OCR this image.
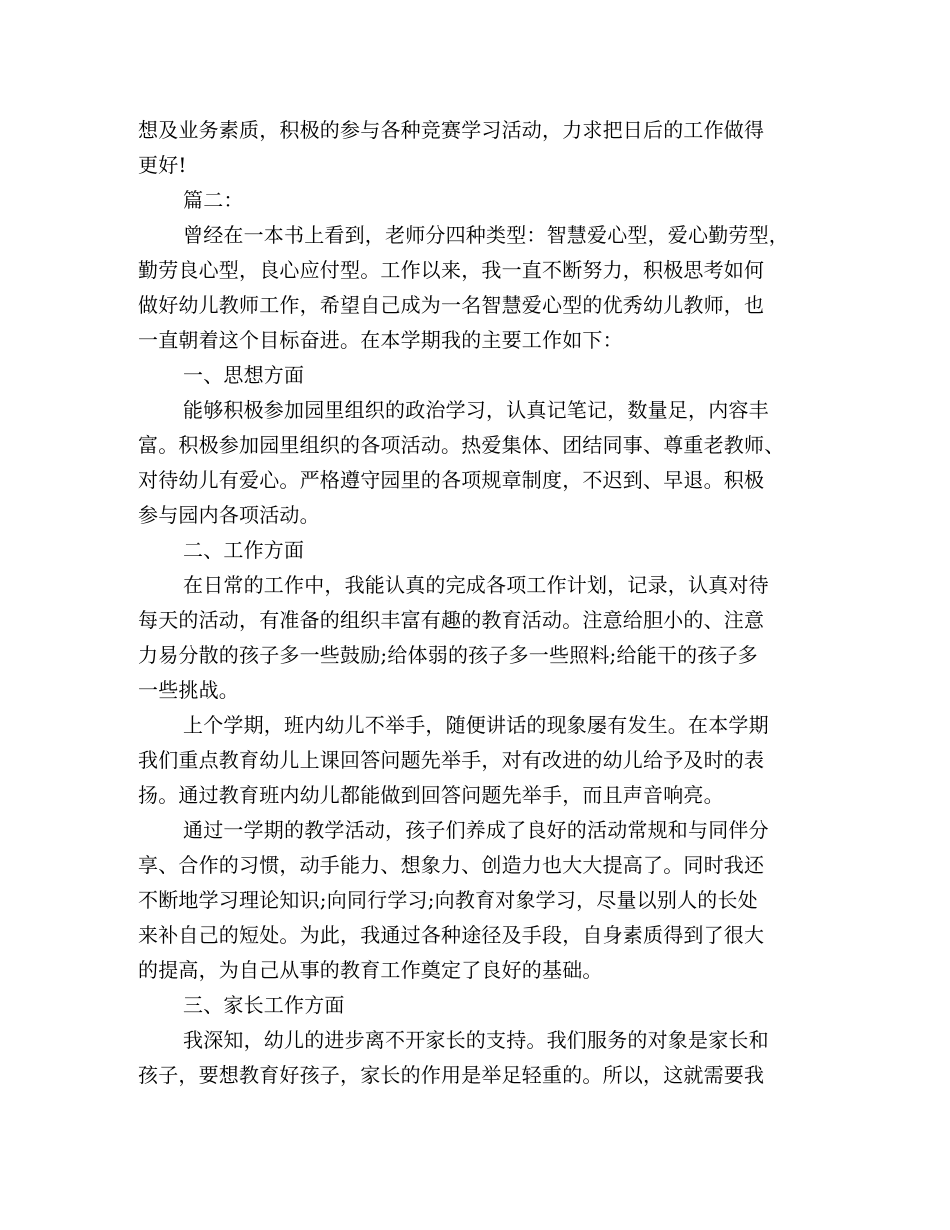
想及业务素质，积极的参与各种竞赛学习活动，力求把日后的工作做得
更好!
篇二：
曾经在一本书上看到，老师分四种类型：智慧爱心型，爱心勤劳型，
勤劳良心型，良心应付型。工作以来，我一直不断努力，积极思考如何
做好幼儿教师工作，希望自己成为一名智慧爱心型的优秀幼儿教师，也
一直朝着这个目标奋进。在本学期我的主要工作如下：
一、思想方面
能够积极参加园里组织的政治学习，认真记笔记，数量足，内容丰
富。积极参加园里组织的各项活动。热爱集体、团结同事、尊重老教师、
对待幼儿有爱心。严格遵守园里的各项规章制度，不迟到、早退。积极
参与园内各项活动。
二、工作方面
在日常的工作中，我能认真的完成各项工作计划，记录，认真对待
每天的活动，有准备的组织丰富有趣的教育活动。注意给胆小的、注意
力易分散的孩子多一些鼓励;给体弱的孩子多一些照料;给能干的孩子多
一些挑战。
上个学期，班内幼儿不举手，随便讲话的现象屡有发生。在本学期
我们重点教育幼儿上课回答问题先举手，对有改进的幼儿给予及时的表
扬。通过教育班内幼儿都能做到回答问题先举手，而且声音响亮。
通过一学期的教学活动，孩子们养成了良好的活动常规和与同伴分
享、合作的习惯，动手能力、想象力、创造力也大大提高了。同时我还
不断地学习理论知识;向同行学习;向教育对象学习，尽量以别人的长处
来补自己的短处。为此，我通过各种途径及手段，自身素质得到了很大
的提高，为自己从事的教育工作奠定了良好的基础。
三、家长工作方面
我深知，幼儿的进步离不开家长的支持。我们服务的对象是家长和
孩子，要想教育好孩子，家长的作用是举足轻重的。所以，这就需要我
